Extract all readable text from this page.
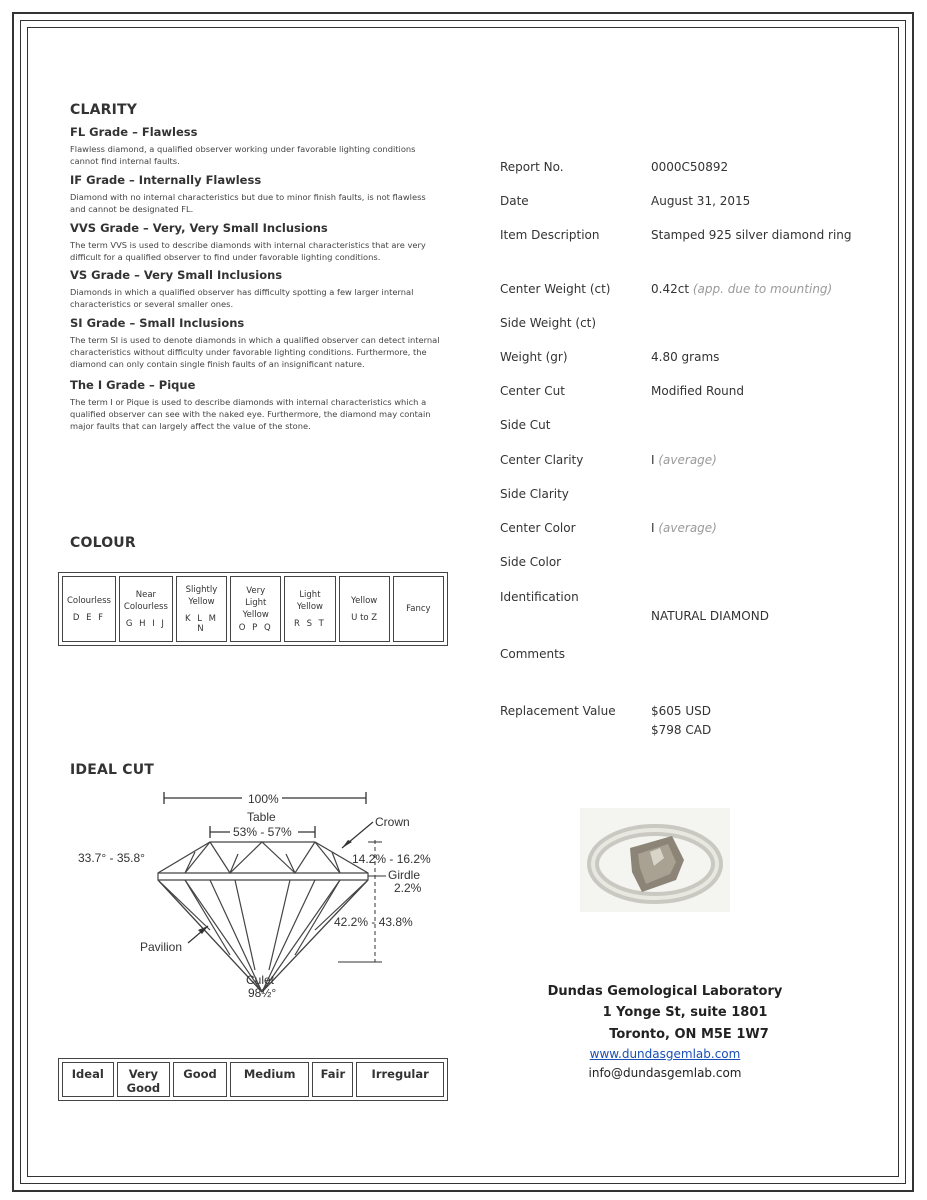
CLARITY
FL Grade – Flawless
Flawless diamond, a qualified observer working under favorable lighting conditions cannot find internal faults.
IF Grade – Internally Flawless
Diamond with no internal characteristics but due to minor finish faults, is not flawless and cannot be designated FL.
VVS Grade – Very, Very Small Inclusions
The term VVS is used to describe diamonds with internal characteristics that are very difficult for a qualified observer to find under favorable lighting conditions.
VS Grade – Very Small Inclusions
Diamonds in which a qualified observer has difficulty spotting a few larger internal characteristics or several smaller ones.
SI Grade – Small Inclusions
The term SI is used to denote diamonds in which a qualified observer can detect internal characteristics without difficulty under favorable lighting conditions. Furthermore, the diamond can only contain single finish faults of an insignificant nature.
The I Grade – Pique
The term I or Pique is used to describe diamonds with internal characteristics which a qualified observer can see with the naked eye. Furthermore, the diamond may contain major faults that can largely affect the value of the stone.
COLOUR
Colourless
D E F

Near
Colourless
G H I J

Slightly
Yellow
K L M N

Very
Light
Yellow
O P Q

Light
Yellow
R S T

Yellow
U to Z

Fancy
IDEAL CUT
100%
Table
53% - 57%
Crown
33.7° - 35.8°	14.2% - 16.2%
Girdle
2.2%
42.2% - 43.8%
Pavilion
Culet
98½°
Ideal	Very
Good	Good	Medium	Fair	Irregular
Report No.	0000C50892
Date	August 31, 2015
Item Description	Stamped 925 silver diamond ring
Center Weight (ct)	0.42ct (app. due to mounting)
Side Weight (ct)
Weight (gr)	4.80 grams
Center Cut	Modified Round
Side Cut
Center Clarity	I (average)
Side Clarity
Center Color	I (average)
Side Color
Identification
NATURAL DIAMOND
Comments
Replacement Value	$605 USD
$798 CAD
Dundas Gemological Laboratory
1 Yonge St, suite 1801
Toronto, ON M5E 1W7
www.dundasgemlab.com
info@dundasgemlab.com
